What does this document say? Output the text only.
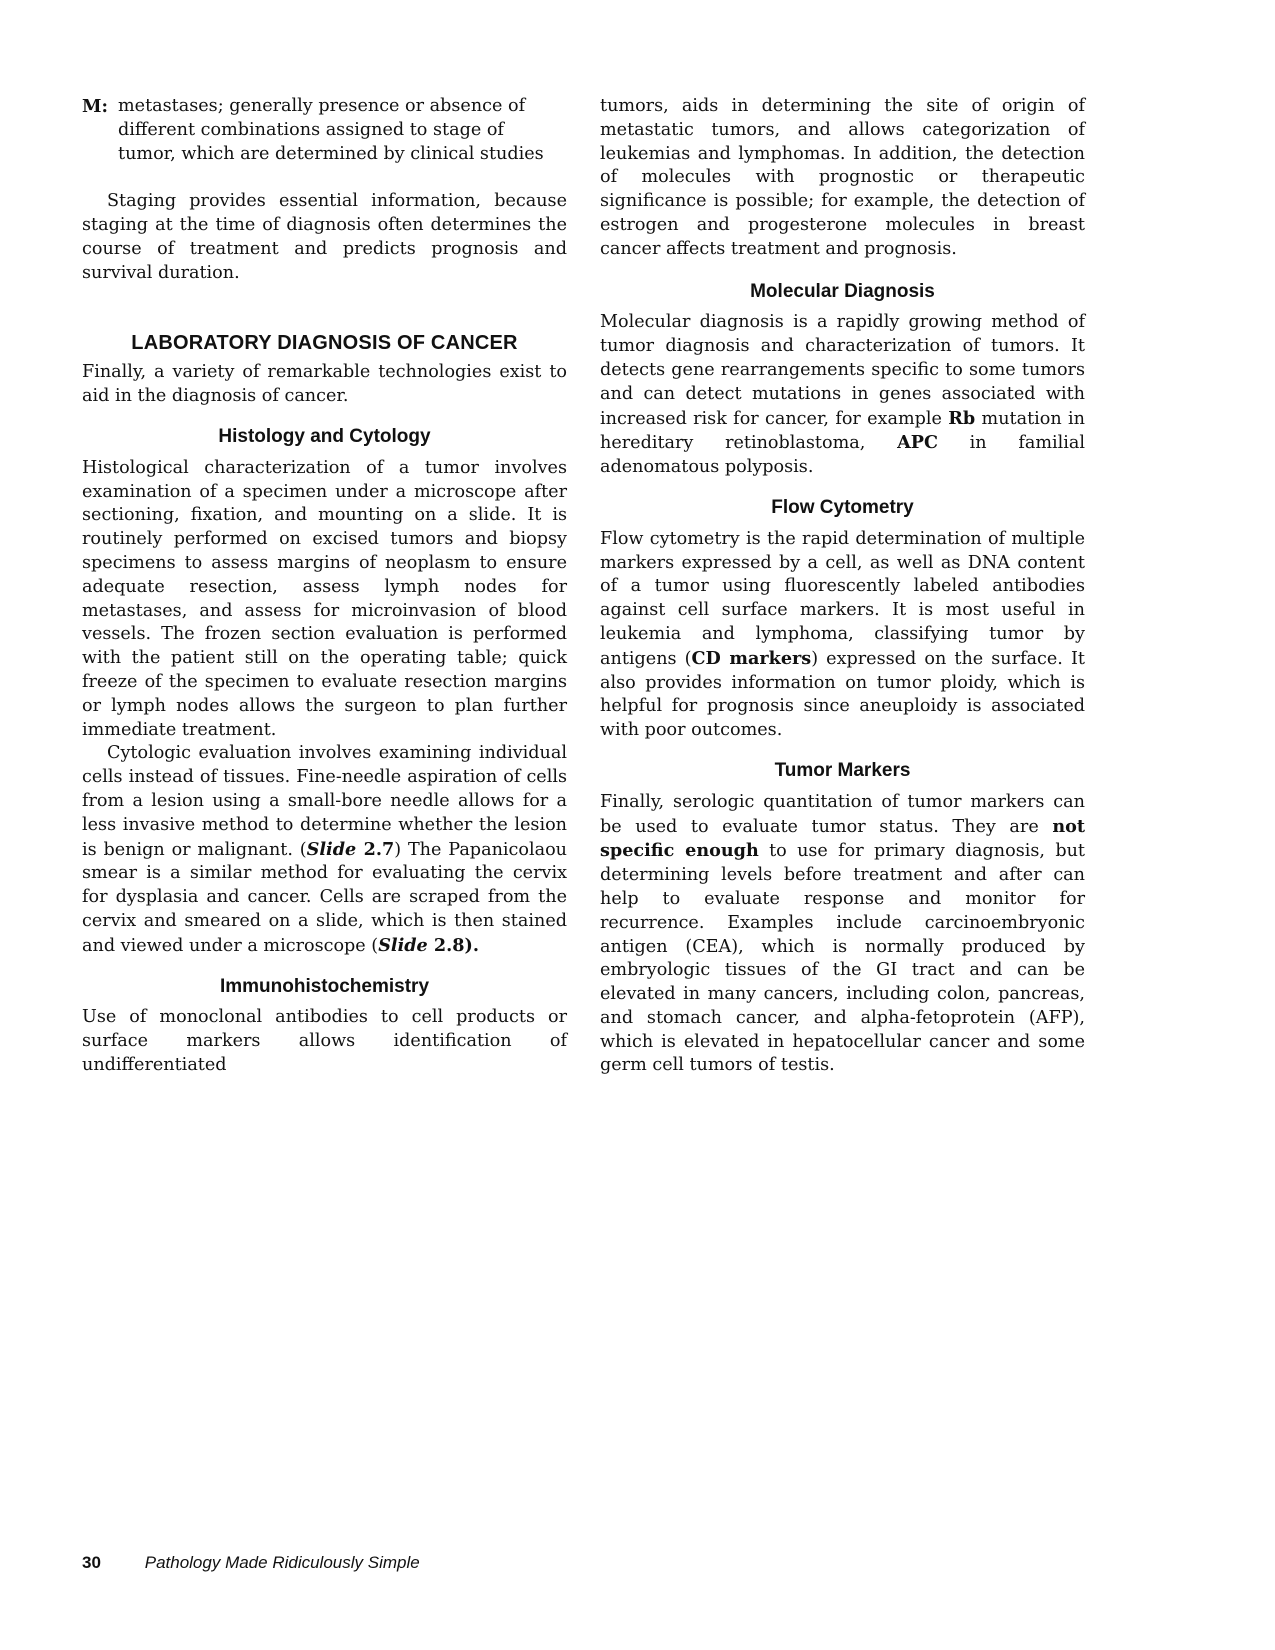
M: metastases; generally presence or absence of different combinations assigned to stage of tumor, which are determined by clinical studies

Staging provides essential information, because staging at the time of diagnosis often determines the course of treatment and predicts prognosis and survival duration.

LABORATORY DIAGNOSIS OF CANCER

Finally, a variety of remarkable technologies exist to aid in the diagnosis of cancer.

Histology and Cytology

Histological characterization of a tumor involves examination of a specimen under a microscope after sectioning, fixation, and mounting on a slide. It is routinely performed on excised tumors and biopsy specimens to assess margins of neoplasm to ensure adequate resection, assess lymph nodes for metastases, and assess for microinvasion of blood vessels. The frozen section evaluation is performed with the patient still on the operating table; quick freeze of the specimen to evaluate resection margins or lymph nodes allows the surgeon to plan further immediate treatment.

Cytologic evaluation involves examining individual cells instead of tissues. Fine-needle aspiration of cells from a lesion using a small-bore needle allows for a less invasive method to determine whether the lesion is benign or malignant. (Slide 2.7) The Papanicolaou smear is a similar method for evaluating the cervix for dysplasia and cancer. Cells are scraped from the cervix and smeared on a slide, which is then stained and viewed under a microscope (Slide 2.8).

Immunohistochemistry

Use of monoclonal antibodies to cell products or surface markers allows identification of undifferentiated

tumors, aids in determining the site of origin of metastatic tumors, and allows categorization of leukemias and lymphomas. In addition, the detection of molecules with prognostic or therapeutic significance is possible; for example, the detection of estrogen and progesterone molecules in breast cancer affects treatment and prognosis.

Molecular Diagnosis

Molecular diagnosis is a rapidly growing method of tumor diagnosis and characterization of tumors. It detects gene rearrangements specific to some tumors and can detect mutations in genes associated with increased risk for cancer, for example Rb mutation in hereditary retinoblastoma, APC in familial adenomatous polyposis.

Flow Cytometry

Flow cytometry is the rapid determination of multiple markers expressed by a cell, as well as DNA content of a tumor using fluorescently labeled antibodies against cell surface markers. It is most useful in leukemia and lymphoma, classifying tumor by antigens (CD markers) expressed on the surface. It also provides information on tumor ploidy, which is helpful for prognosis since aneuploidy is associated with poor outcomes.

Tumor Markers

Finally, serologic quantitation of tumor markers can be used to evaluate tumor status. They are not specific enough to use for primary diagnosis, but determining levels before treatment and after can help to evaluate response and monitor for recurrence. Examples include carcinoembryonic antigen (CEA), which is normally produced by embryologic tissues of the GI tract and can be elevated in many cancers, including colon, pancreas, and stomach cancer, and alpha-fetoprotein (AFP), which is elevated in hepatocellular cancer and some germ cell tumors of testis.

30	Pathology Made Ridiculously Simple
